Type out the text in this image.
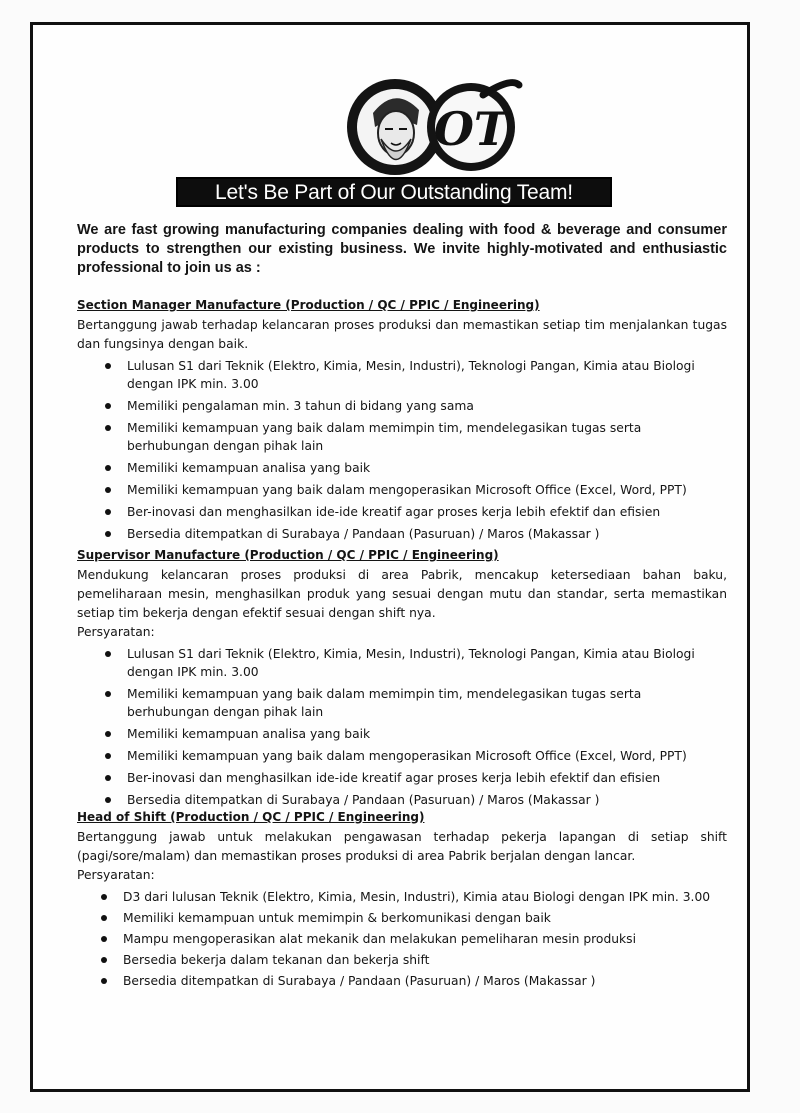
OT
Let's Be Part of Our Outstanding Team!
We are fast growing manufacturing companies dealing with food & beverage and consumer products to strengthen our existing business. We invite highly-motivated and enthusiastic professional to join us as :
Section Manager Manufacture (Production / QC / PPIC / Engineering)
Bertanggung jawab terhadap kelancaran proses produksi dan memastikan setiap tim menjalankan tugas dan fungsinya dengan baik.
Lulusan S1 dari Teknik (Elektro, Kimia, Mesin, Industri), Teknologi Pangan, Kimia atau Biologi dengan IPK min. 3.00
Memiliki pengalaman min. 3 tahun di bidang yang sama
Memiliki kemampuan yang baik dalam memimpin tim, mendelegasikan tugas serta berhubungan dengan pihak lain
Memiliki kemampuan analisa yang baik
Memiliki kemampuan yang baik dalam mengoperasikan Microsoft Office (Excel, Word, PPT)
Ber-inovasi dan menghasilkan ide-ide kreatif agar proses kerja lebih efektif dan efisien
Bersedia ditempatkan di Surabaya / Pandaan (Pasuruan) / Maros (Makassar )
Supervisor Manufacture (Production / QC / PPIC / Engineering)
Mendukung kelancaran proses produksi di area Pabrik, mencakup ketersediaan bahan baku, pemeliharaan mesin, menghasilkan produk yang sesuai dengan mutu dan standar, serta memastikan setiap tim bekerja dengan efektif sesuai dengan shift nya.
Persyaratan:
Lulusan S1 dari Teknik (Elektro, Kimia, Mesin, Industri), Teknologi Pangan, Kimia atau Biologi dengan IPK min. 3.00
Memiliki kemampuan yang baik dalam memimpin tim, mendelegasikan tugas serta berhubungan dengan pihak lain
Memiliki kemampuan analisa yang baik
Memiliki kemampuan yang baik dalam mengoperasikan Microsoft Office (Excel, Word, PPT)
Ber-inovasi dan menghasilkan ide-ide kreatif agar proses kerja lebih efektif dan efisien
Bersedia ditempatkan di Surabaya / Pandaan (Pasuruan) / Maros (Makassar )
Head of Shift (Production / QC / PPIC / Engineering)
Bertanggung jawab untuk melakukan pengawasan terhadap pekerja lapangan di setiap shift (pagi/sore/malam) dan memastikan proses produksi di area Pabrik berjalan dengan lancar.
Persyaratan:
D3 dari lulusan Teknik (Elektro, Kimia, Mesin, Industri), Kimia atau Biologi dengan IPK min. 3.00
Memiliki kemampuan untuk memimpin & berkomunikasi dengan baik
Mampu mengoperasikan alat mekanik dan melakukan pemeliharan mesin produksi
Bersedia bekerja dalam tekanan dan bekerja shift
Bersedia ditempatkan di Surabaya / Pandaan (Pasuruan) / Maros (Makassar )
